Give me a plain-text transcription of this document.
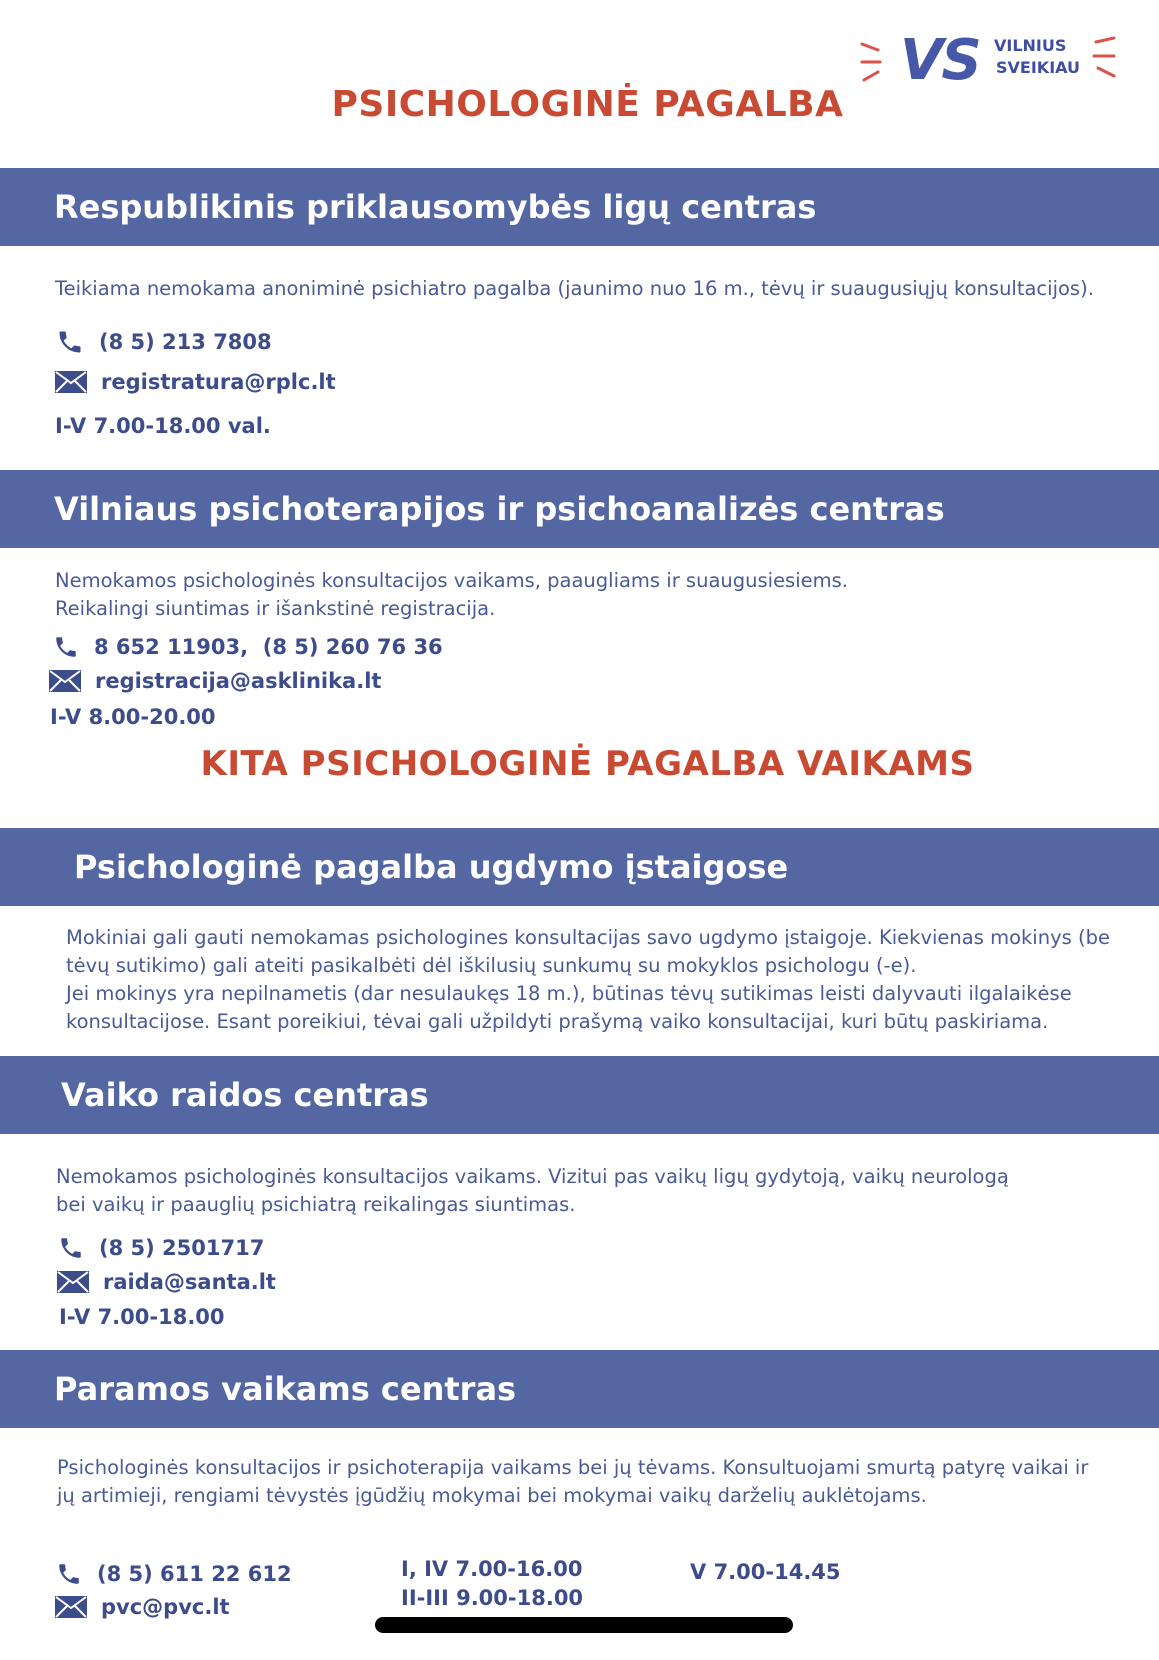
VS VILNIUS
SVEIKIAU
PSICHOLOGINĖ PAGALBA
Respublikinis priklausomybės ligų centras
Teikiama nemokama anoniminė psichiatro pagalba (jaunimo nuo 16 m., tėvų ir suaugusiųjų konsultacijos).
(8 5) 213 7808
registratura@rplc.lt
I-V 7.00-18.00 val.
Vilniaus psichoterapijos ir psichoanalizės centras
Nemokamos psichologinės konsultacijos vaikams, paaugliams ir suaugusiesiems.
Reikalingi siuntimas ir išankstinė registracija.
8 652 11903,  (8 5) 260 76 36
registracija@asklinika.lt
I-V 8.00-20.00
KITA PSICHOLOGINĖ PAGALBA VAIKAMS
Psichologinė pagalba ugdymo įstaigose
Mokiniai gali gauti nemokamas psichologines konsultacijas savo ugdymo įstaigoje. Kiekvienas mokinys (be
tėvų sutikimo) gali ateiti pasikalbėti dėl iškilusių sunkumų su mokyklos psichologu (-e).
Jei mokinys yra nepilnametis (dar nesulaukęs 18 m.), būtinas tėvų sutikimas leisti dalyvauti ilgalaikėse
konsultacijose. Esant poreikiui, tėvai gali užpildyti prašymą vaiko konsultacijai, kuri būtų paskiriama.
Vaiko raidos centras
Nemokamos psichologinės konsultacijos vaikams. Vizitui pas vaikų ligų gydytoją, vaikų neurologą
bei vaikų ir paauglių psichiatrą reikalingas siuntimas.
(8 5) 2501717
raida@santa.lt
I-V 7.00-18.00
Paramos vaikams centras
Psichologinės konsultacijos ir psichoterapija vaikams bei jų tėvams. Konsultuojami smurtą patyrę vaikai ir
jų artimieji, rengiami tėvystės įgūdžių mokymai bei mokymai vaikų darželių auklėtojams.
(8 5) 611 22 612
pvc@pvc.lt
I, IV 7.00-16.00
II-III 9.00-18.00
V 7.00-14.45
